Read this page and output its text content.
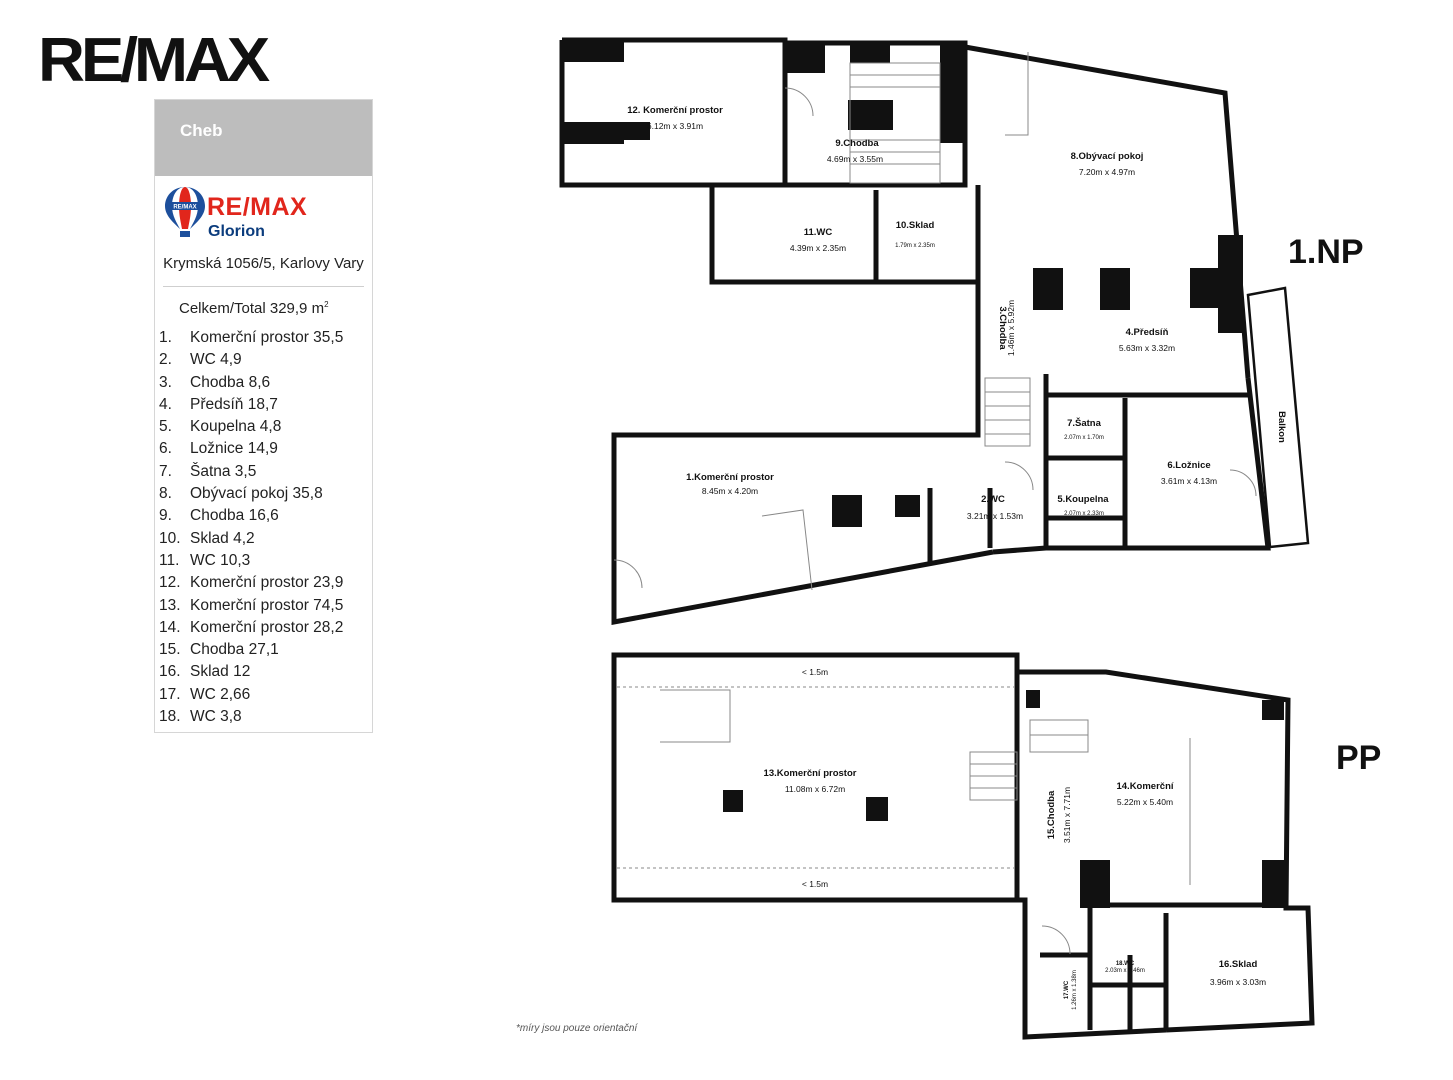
RE/MAX
Cheb
RE/MAX RE/MAX
Glorion
Krymská 1056/5, Karlovy Vary
Celkem/Total 329,9 $m^2$
1. Komerční prostor 35,5
2. WC 4,9
3. Chodba 8,6
4. Předsíň 18,7
5. Koupelna 4,8
6. Ložnice 14,9
7. Šatna 3,5
8. Obývací pokoj 35,8
9. Chodba 16,6
10. Sklad 4,2
11. WC 10,3
12. Komerční prostor 23,9
13. Komerční prostor 74,5
14. Komerční prostor 28,2
15. Chodba 27,1
16. Sklad 12
17. WC 2,66
18. WC 3,8
12. Komerční prostor
6.12m x 3.91m
9.Chodba
4.69m x 3.55m	8.Obývací pokoj
7.20m x 4.97m
11.WC
4.39m x 2.35m
10.Sklad
1.79m x 2.35m
3.Chodba
1.46m x 5.92m	4.Předsíň
5.63m x 3.32m
7.Šatna
2.07m x 1.70m
6.Ložnice
3.61m x 4.13m
1.Komerční prostor
8.45m x 4.20m
2.WC
3.21m x 1.53m
5.Koupelna
2.07m x 2.33m
Balkon
< 1.5m
< 1.5m
13.Komerční prostor
11.08m x 6.72m
15.Chodba 3.51m x 7.71m
14.Komerční
5.22m x 5.40m
16.Sklad
3.96m x 3.03m
17.WC 1.26m x 1.38m
18.WC
2.03m x 1.46m
1.NP
PP
*míry jsou pouze orientační
